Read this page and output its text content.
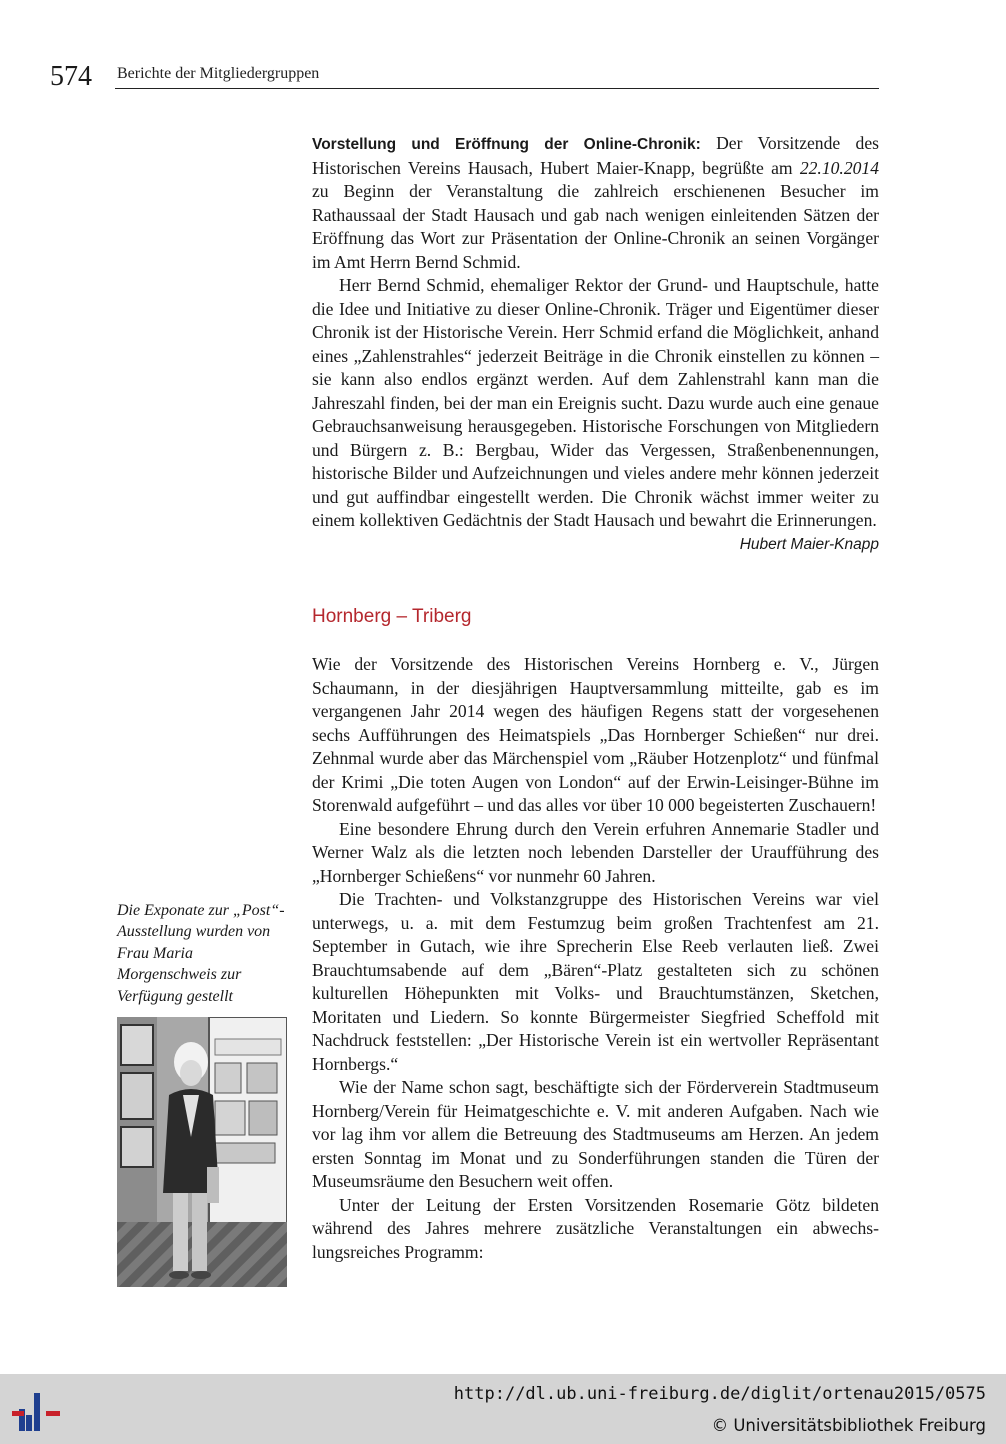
574 Berichte der Mitgliedergruppen

Vorstellung und Eröffnung der Online-Chronik: Der Vorsitzende des Historischen Vereins Hausach, Hubert Maier-Knapp, begrüßte am 22.10.2014 zu Beginn der Veranstaltung die zahlreich erschienenen Besucher im Rathaussaal der Stadt Hausach und gab nach wenigen einleitenden Sätzen der Eröffnung das Wort zur Präsentation der Online-Chronik an seinen Vorgänger im Amt Herrn Bernd Schmid.

Herr Bernd Schmid, ehemaliger Rektor der Grund- und Hauptschule, hatte die Idee und Initiative zu dieser Online-Chronik. Träger und Eigentümer dieser Chronik ist der Historische Verein. Herr Schmid erfand die Möglichkeit, anhand eines „Zahlenstrahles“ jederzeit Beiträge in die Chronik einstellen zu können – sie kann also endlos ergänzt werden. Auf dem Zahlenstrahl kann man die Jahreszahl finden, bei der man ein Ereignis sucht. Dazu wurde auch eine genaue Gebrauchsanweisung herausgegeben. Historische Forschungen von Mitgliedern und Bürgern z. B.: Bergbau, Wider das Vergessen, Straßenbenennungen, historische Bilder und Aufzeichnungen und vieles andere mehr können jederzeit und gut auffindbar eingestellt werden. Die Chronik wächst immer weiter zu einem kollektiven Gedächtnis der Stadt Hausach und bewahrt die Erinnerungen.

Hubert Maier-Knapp
Hornberg – Triberg

Wie der Vorsitzende des Historischen Vereins Hornberg e. V., Jürgen Schaumann, in der diesjährigen Hauptversammlung mitteilte, gab es im vergangenen Jahr 2014 wegen des häufigen Regens statt der vorgesehenen sechs Aufführungen des Heimatspiels „Das Hornberger Schießen“ nur drei. Zehnmal wurde aber das Märchenspiel vom „Räuber Hotzenplotz“ und fünfmal der Krimi „Die toten Augen von London“ auf der Erwin-Leisinger-Bühne im Storenwald aufgeführt – und das alles vor über 10 000 begeisterten Zuschauern!

Eine besondere Ehrung durch den Verein erfuhren Annemarie Stadler und Werner Walz als die letzten noch lebenden Darsteller der Uraufführung des „Hornberger Schießens“ vor nunmehr 60 Jahren.

Die Trachten- und Volkstanzgruppe des Historischen Vereins war viel unterwegs, u. a. mit dem Festumzug beim großen Trachtenfest am 21. September in Gutach, wie ihre Sprecherin Else Reeb verlauten ließ. Zwei Brauchtumsabende auf dem „Bären“-Platz gestalteten sich zu schönen kulturellen Höhepunkten mit Volks- und Brauchtumstänzen, Sketchen, Moritaten und Liedern. So konnte Bürgermeister Siegfried Scheffold mit Nachdruck feststellen: „Der Historische Verein ist ein wertvoller Repräsentant Hornbergs.“

Wie der Name schon sagt, beschäftigte sich der Förderverein Stadtmuseum Hornberg/Verein für Heimatgeschichte e. V. mit anderen Aufgaben. Nach wie vor lag ihm vor allem die Betreuung des Stadtmuseums am Herzen. An jedem ersten Sonntag im Monat und zu Sonderführungen standen die Türen der Museumsräume den Besuchern weit offen.

Unter der Leitung der Ersten Vorsitzenden Rosemarie Götz bildeten während des Jahres mehrere zusätzliche Veranstaltungen ein abwechslungsreiches Programm:

Die Exponate zur „Post“-Ausstellung wurden von Frau Maria Morgenschweis zur Verfügung gestellt

http://dl.ub.uni-freiburg.de/diglit/ortenau2015/0575
© Universitätsbibliothek Freiburg
